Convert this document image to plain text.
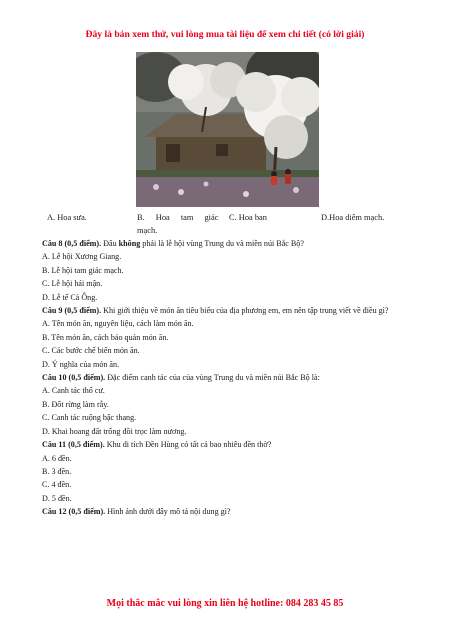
Đây là bản xem thử, vui lòng mua tài liệu để xem chi tiết (có lời giải)
A. Hoa sưa.	B. Hoa tam giác
mạch.
C. Hoa ban	D.Hoa diêm mạch.
Câu 8 (0,5 điểm). Đâu không phải là lễ hội vùng Trung du và miền núi Bắc Bộ?
A. Lễ hội Xương Giang.
B. Lễ hội tam giác mạch.
C. Lễ hội hái mận.
D. Lễ tế Cả Ông.
Câu 9 (0,5 điểm). Khi giới thiệu về món ăn tiêu biểu của địa phương em, em nên tập trung viết về điều gì?
A. Tên món ăn, nguyên liệu, cách làm món ăn.
B. Tên món ăn, cách bảo quản món ăn.
C. Các bước chế biến món ăn.
D. Ý nghĩa của món ăn.
Câu 10 (0,5 điểm). Đặc điểm canh tác của của vùng Trung du và miền núi Bắc Bộ là:
A. Canh tác thổ cư.
B. Đốt rừng làm rẫy.
C. Canh tác ruộng bậc thang.
D. Khai hoang đất trống đồi trọc làm nương.
Câu 11 (0,5 điểm). Khu di tích Đền Hùng có tất cả bao nhiêu đền thờ?
A. 6 đền.
B. 3 đền.
C. 4 đền.
D. 5 đền.
Câu 12 (0,5 điểm). Hình ảnh dưới đây mô tả nội dung gì?
Mọi thắc mắc vui lòng xin liên hệ hotline: 084 283 45 85
